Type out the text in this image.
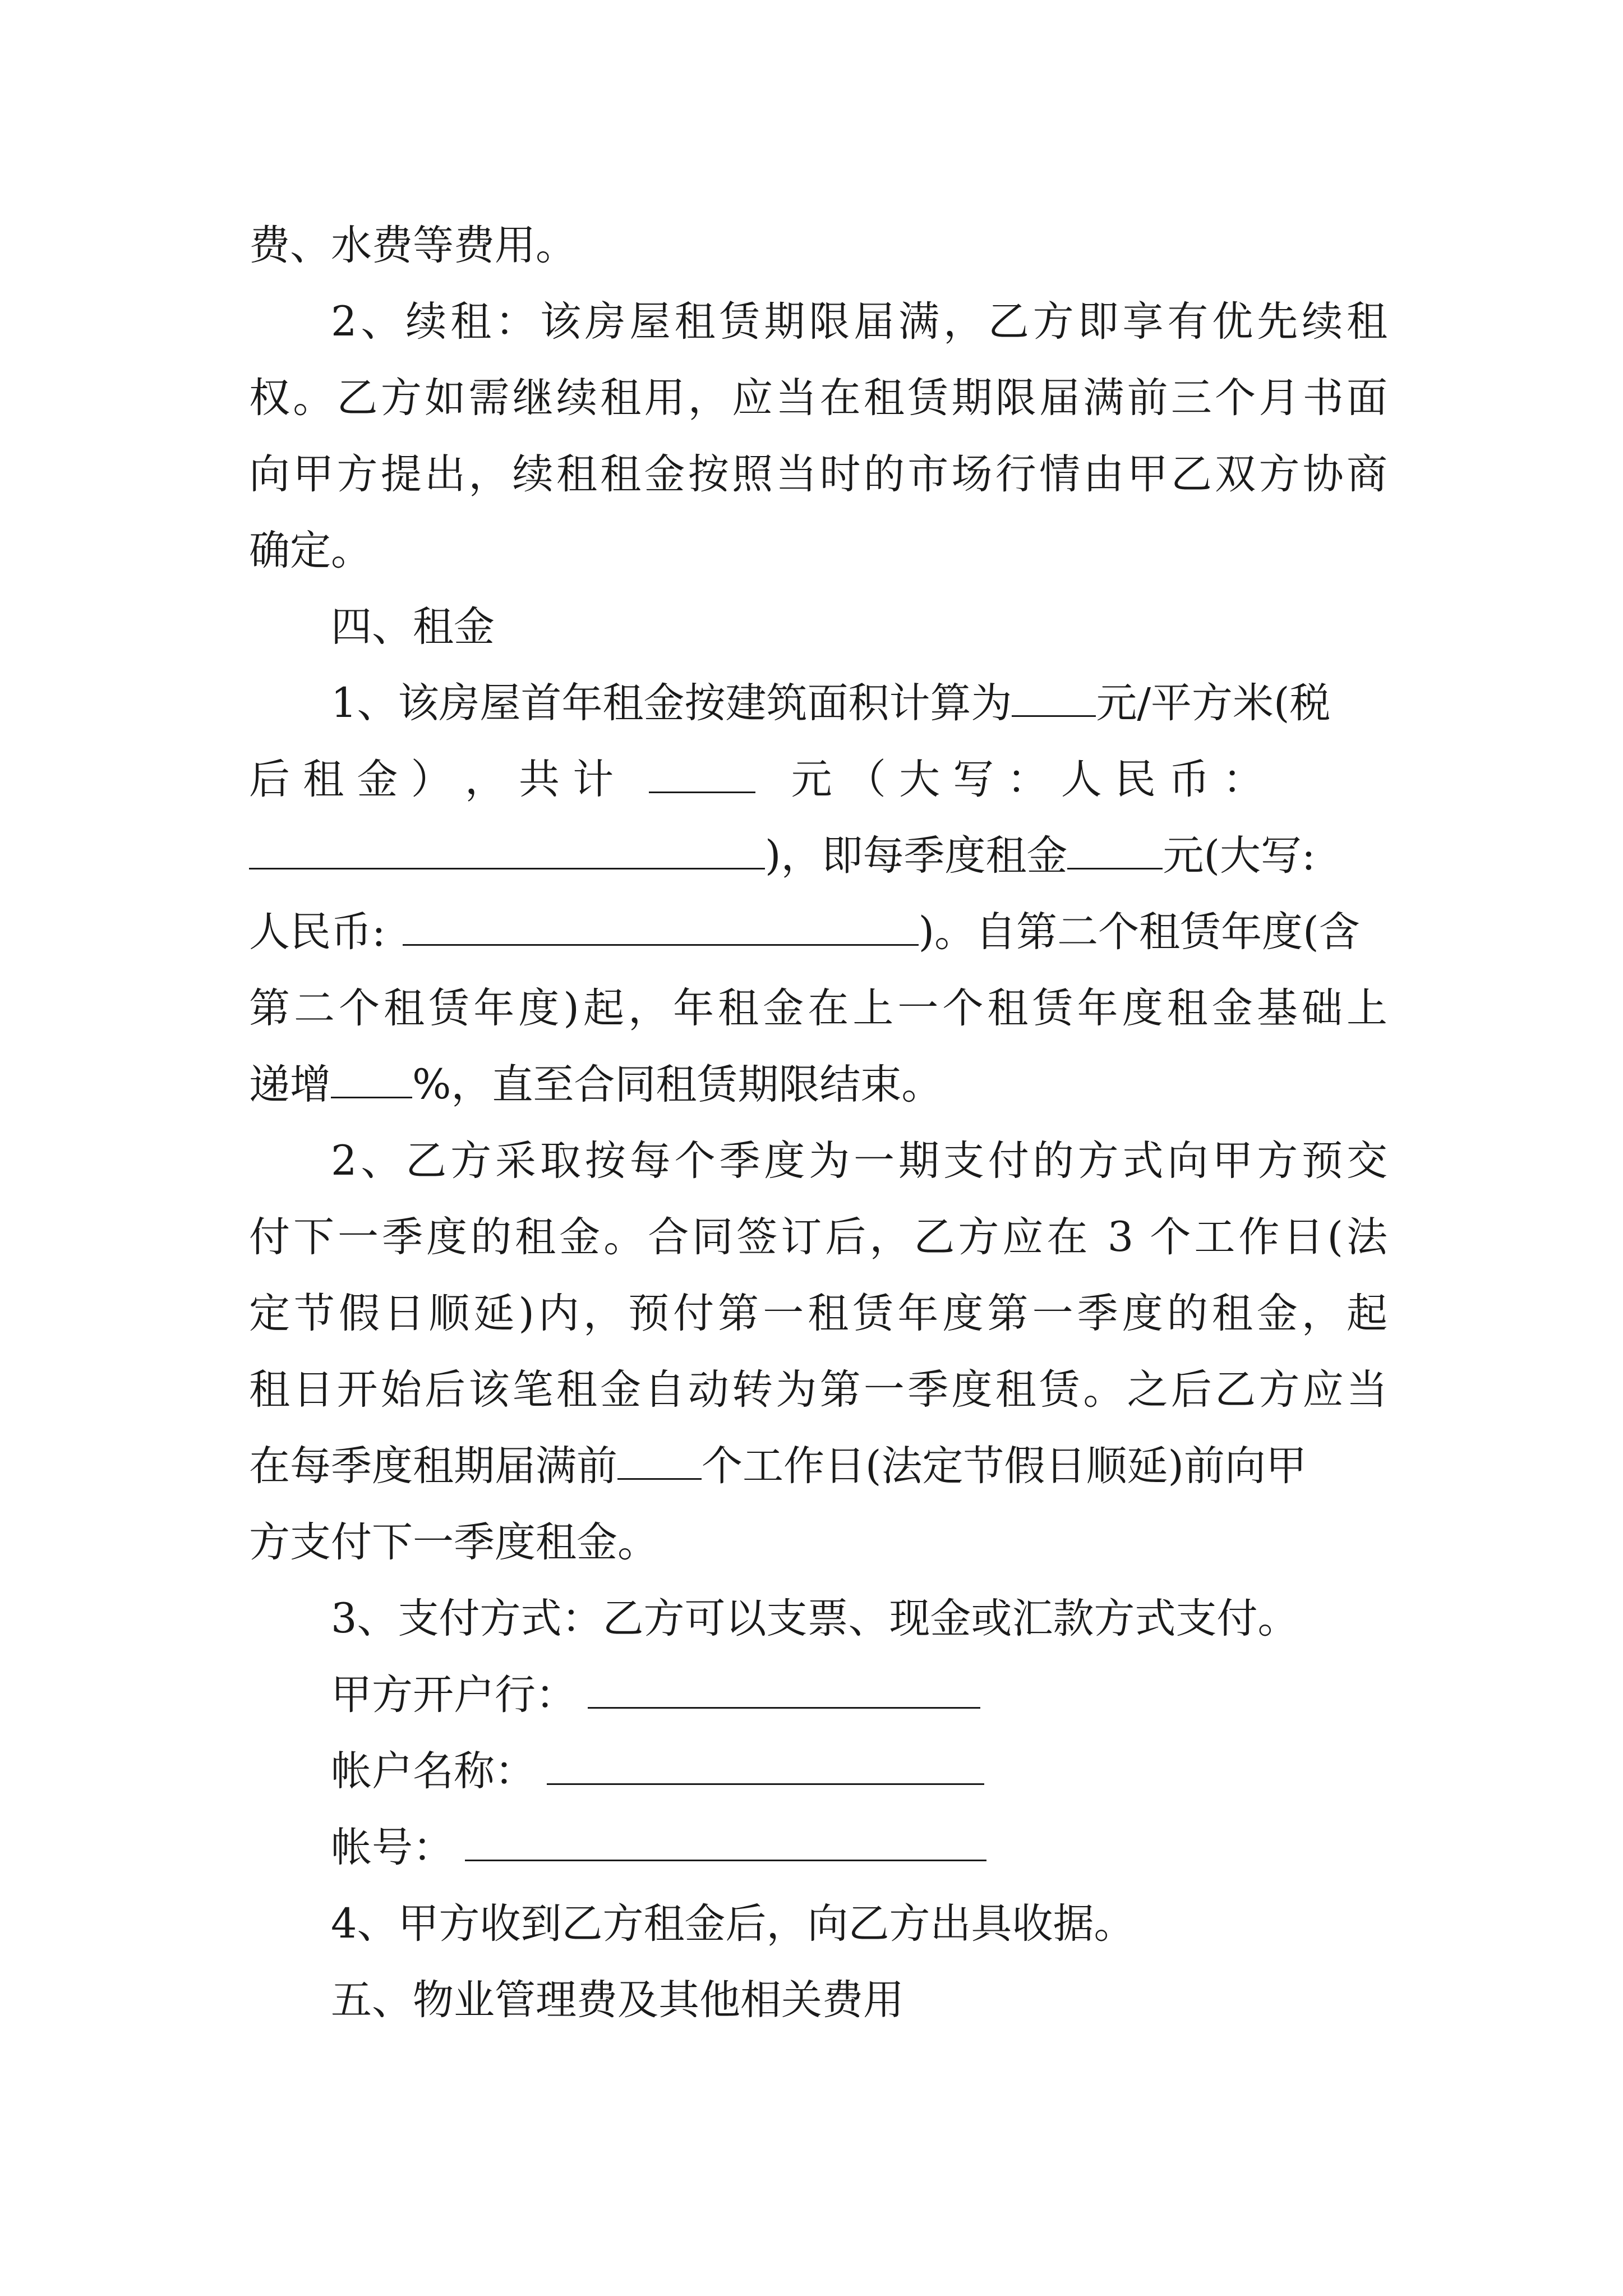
费、水费等费用。
2、续租：该房屋租赁期限届满，乙方即享有优先续租
权。乙方如需继续租用，应当在租赁期限届满前三个月书面
向甲方提出，续租租金按照当时的市场行情由甲乙双方协商
确定。
四、租金
1、该房屋首年租金按建筑面积计算为 元/平方米(税
后 租 金 ） ， 共 计	元 （ 大 写 ： 人 民 币 ：
)，即每季度租金 元(大写:
人民币:	)。自第二个租赁年度(含
第二个租赁年度)起，年租金在上一个租赁年度租金基础上
递增 %，直至合同租赁期限结束。
2、乙方采取按每个季度为一期支付的方式向甲方预交
付下一季度的租金。合同签订后，乙方应在 3 个工作日(法
定节假日顺延)内，预付第一租赁年度第一季度的租金，起
租日开始后该笔租金自动转为第一季度租赁。之后乙方应当
在每季度租期届满前 个工作日(法定节假日顺延)前向甲
方支付下一季度租金。
3、支付方式：乙方可以支票、现金或汇款方式支付。
甲方开户行：
帐户名称：
帐号：
4、甲方收到乙方租金后，向乙方出具收据。
五、物业管理费及其他相关费用
